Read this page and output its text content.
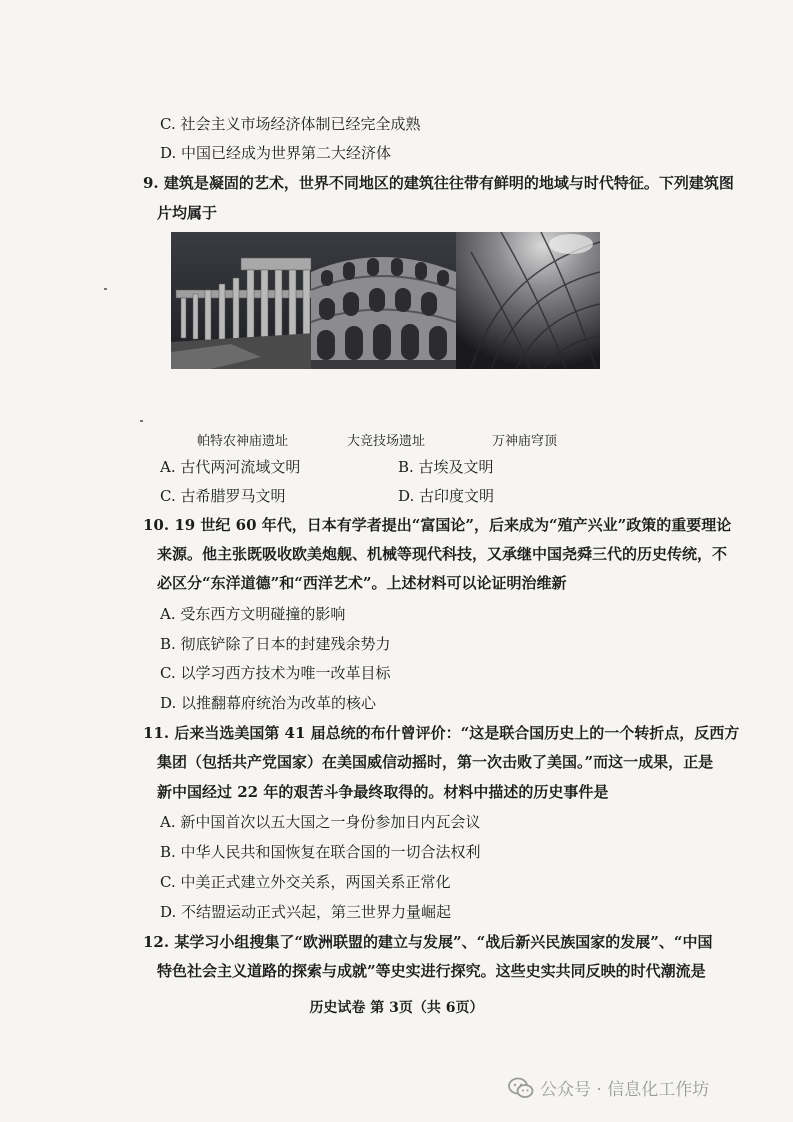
C. 社会主义市场经济体制已经完全成熟
D. 中国已经成为世界第二大经济体
9. 建筑是凝固的艺术，世界不同地区的建筑往往带有鲜明的地域与时代特征。下列建筑图
片均属于
帕特农神庙遗址	大竞技场遗址	万神庙穹顶
A. 古代两河流域文明	B. 古埃及文明
C. 古希腊罗马文明	D. 古印度文明
10. 19 世纪 60 年代，日本有学者提出“富国论”，后来成为“殖产兴业”政策的重要理论
来源。他主张既吸收欧美炮舰、机械等现代科技，又承继中国尧舜三代的历史传统，不
必区分“东洋道德”和“西洋艺术”。上述材料可以论证明治维新
A. 受东西方文明碰撞的影响
B. 彻底铲除了日本的封建残余势力
C. 以学习西方技术为唯一改革目标
D. 以推翻幕府统治为改革的核心
11. 后来当选美国第 41 届总统的布什曾评价：“这是联合国历史上的一个转折点，反西方
集团（包括共产党国家）在美国威信动摇时，第一次击败了美国。”而这一成果，正是
新中国经过 22 年的艰苦斗争最终取得的。材料中描述的历史事件是
A. 新中国首次以五大国之一身份参加日内瓦会议
B. 中华人民共和国恢复在联合国的一切合法权利
C. 中美正式建立外交关系，两国关系正常化
D. 不结盟运动正式兴起，第三世界力量崛起
12. 某学习小组搜集了“欧洲联盟的建立与发展”、“战后新兴民族国家的发展”、“中国
特色社会主义道路的探索与成就”等史实进行探究。这些史实共同反映的时代潮流是
历史试卷 第 3页（共 6页）
公众号 · 信息化工作坊
